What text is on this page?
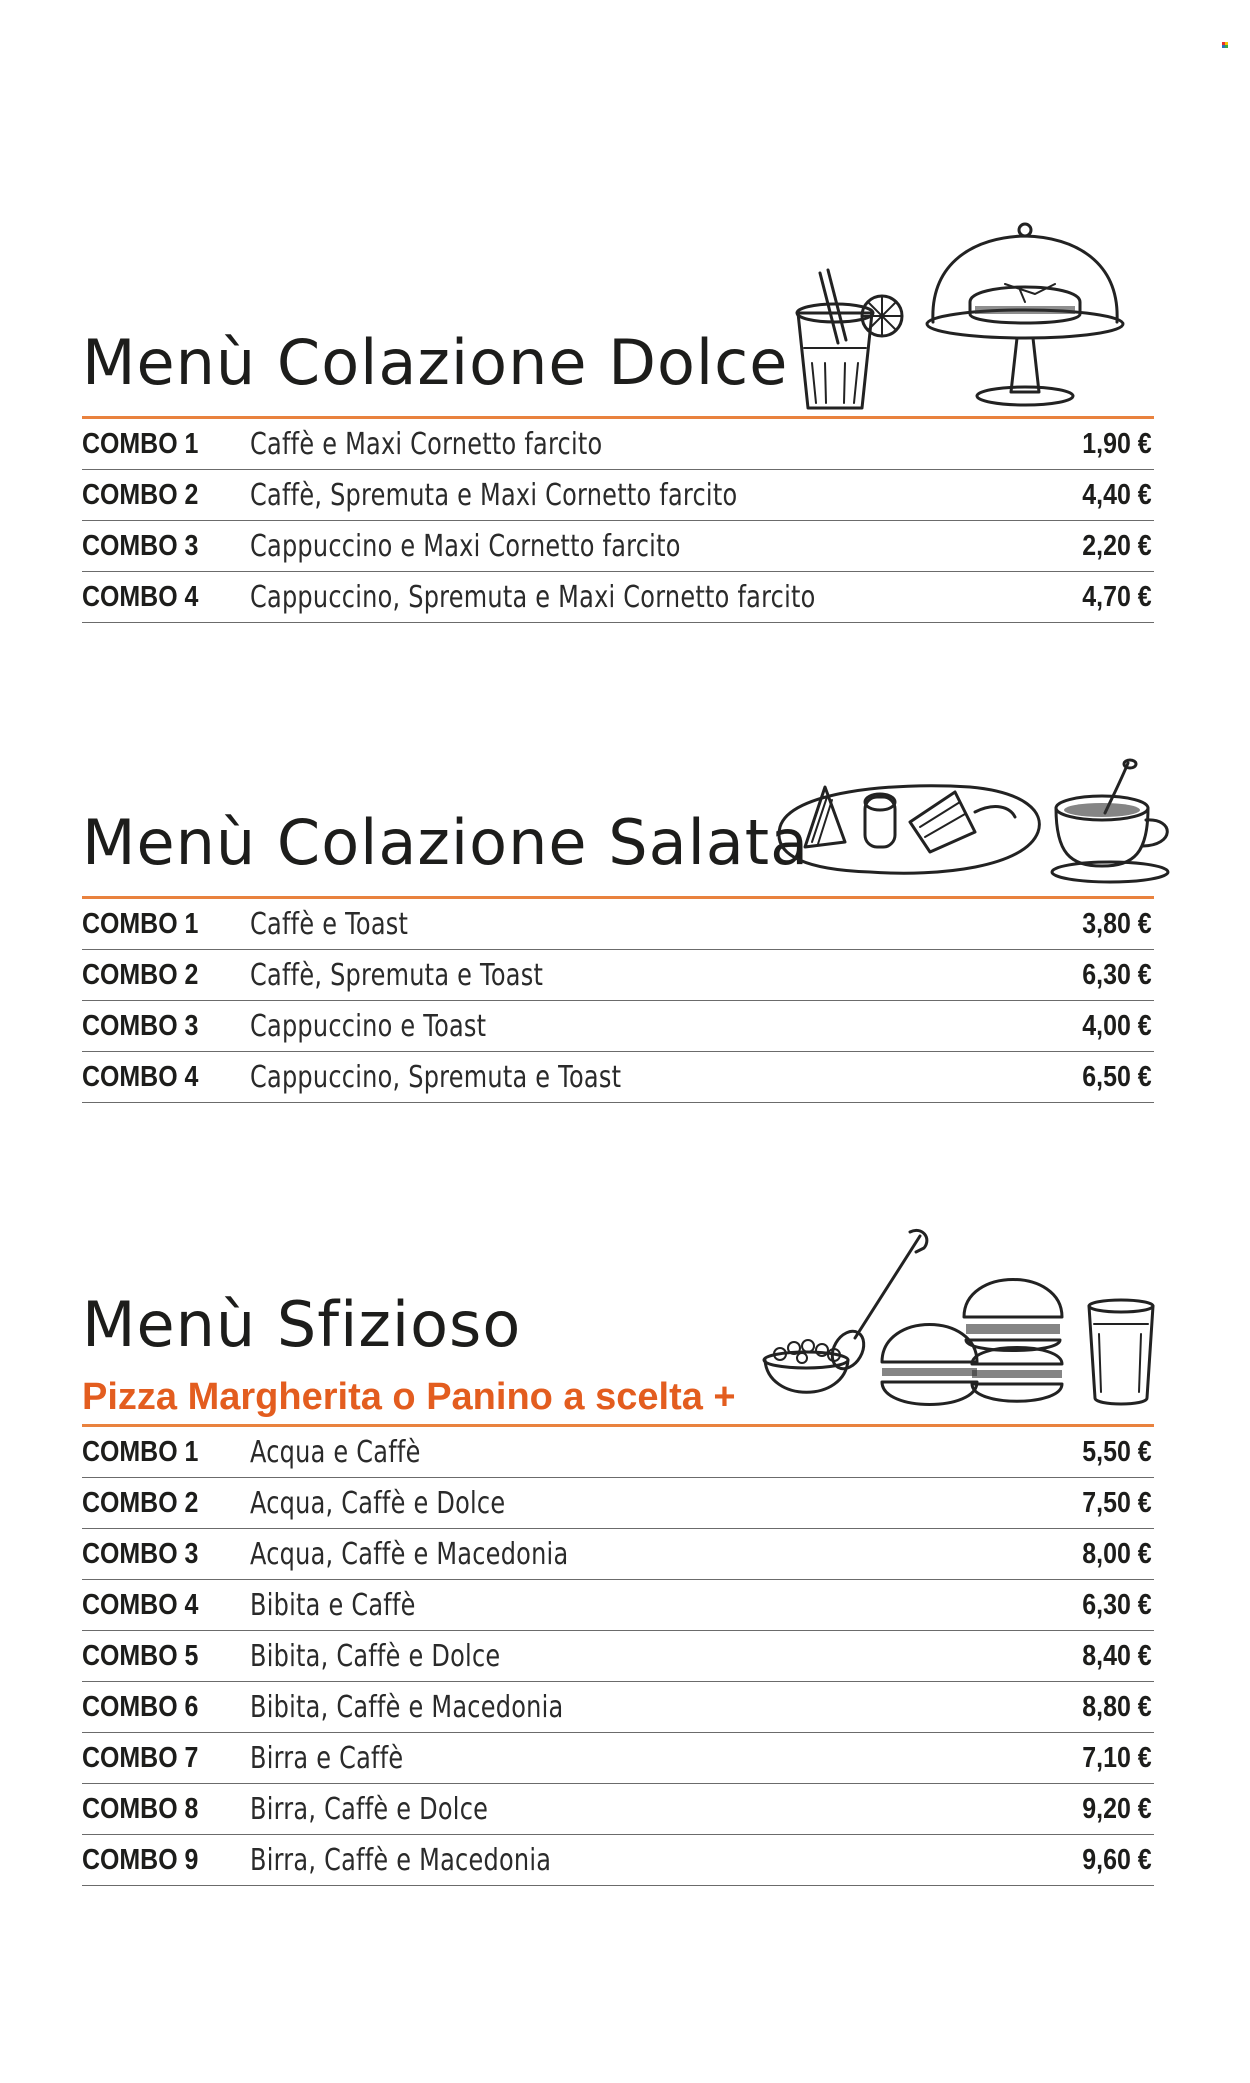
Menù Colazione Dolce
COMBO 1	Caffè e Maxi Cornetto farcito	1,90 €
COMBO 2	Caffè, Spremuta e Maxi Cornetto farcito	4,40 €
COMBO 3	Cappuccino e Maxi Cornetto farcito	2,20 €
COMBO 4	Cappuccino, Spremuta e Maxi Cornetto farcito	4,70 €
Menù Colazione Salata
COMBO 1	Caffè e Toast	3,80 €
COMBO 2	Caffè, Spremuta e Toast	6,30 €
COMBO 3	Cappuccino e Toast	4,00 €
COMBO 4	Cappuccino, Spremuta e Toast	6,50 €
Menù Sfizioso
Pizza Margherita o Panino a scelta +
COMBO 1	Acqua e Caffè	5,50 €
COMBO 2	Acqua, Caffè e Dolce	7,50 €
COMBO 3	Acqua, Caffè e Macedonia	8,00 €
COMBO 4	Bibita e Caffè	6,30 €
COMBO 5	Bibita, Caffè e Dolce	8,40 €
COMBO 6	Bibita, Caffè e Macedonia	8,80 €
COMBO 7	Birra e Caffè	7,10 €
COMBO 8	Birra, Caffè e Dolce	9,20 €
COMBO 9	Birra, Caffè e Macedonia	9,60 €
